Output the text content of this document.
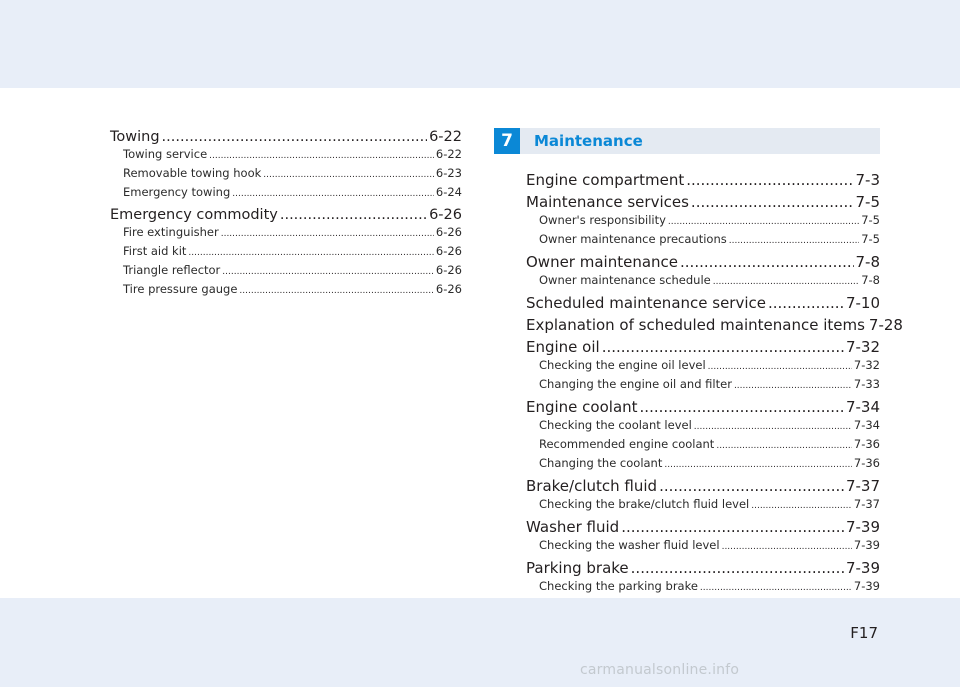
Towing .....	6-22
Towing service .....	6-22
Removable towing hook .....	6-23
Emergency towing .....	6-24
Emergency commodity .....	6-26
Fire extinguisher .....	6-26
First aid kit .....	6-26
Triangle reflector .....	6-26
Tire pressure gauge .....	6-26
7	Maintenance
Engine compartment .....	7-3
Maintenance services .....	7-5
Owner's responsibility .....	7-5
Owner maintenance precautions .....	7-5
Owner maintenance .....	7-8
Owner maintenance schedule .....	7-8
Scheduled maintenance service .....	7-10
Explanation of scheduled maintenance items 7-28
Engine oil .....	7-32
Checking the engine oil level .....	7-32
Changing the engine oil and filter .....	7-33
Engine coolant .....	7-34
Checking the coolant level .....	7-34
Recommended engine coolant .....	7-36
Changing the coolant .....	7-36
Brake/clutch fluid .....	7-37
Checking the brake/clutch fluid level .....	7-37
Washer fluid .....	7-39
Checking the washer fluid level .....	7-39
Parking brake .....	7-39
Checking the parking brake .....	7-39
F17
carmanualsonline.info
